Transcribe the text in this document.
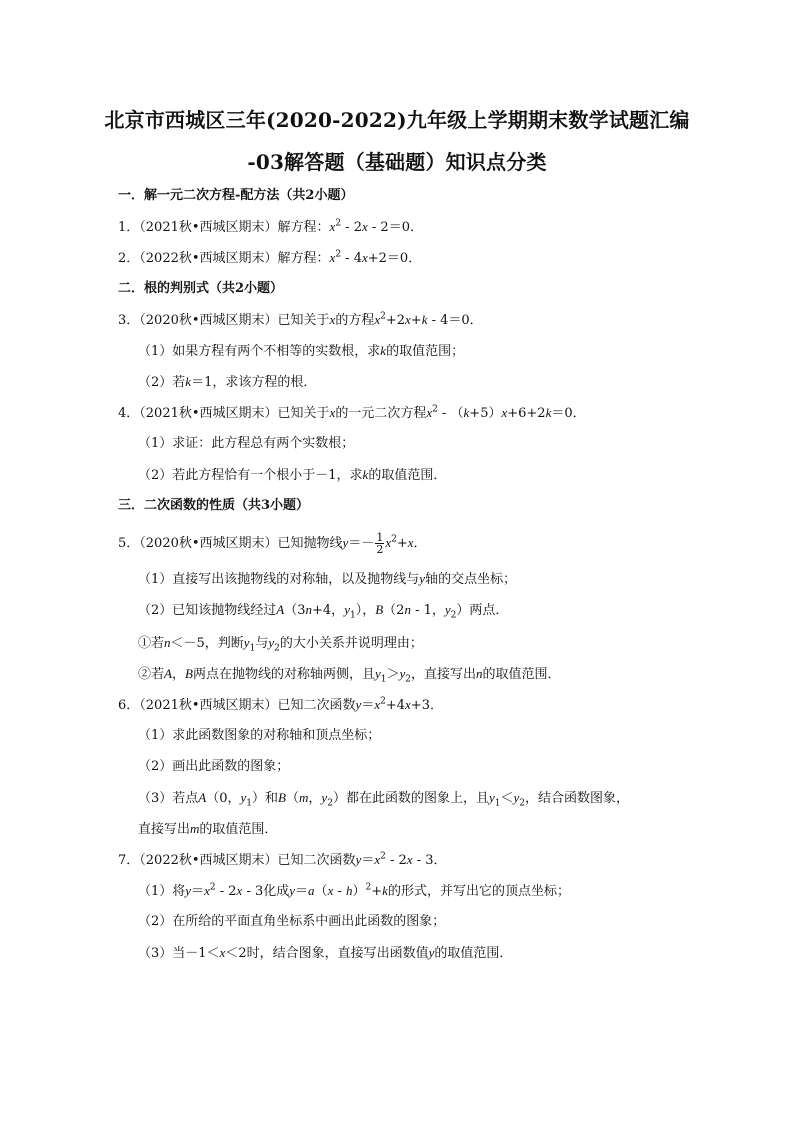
北京市西城区三年(2020-2022)九年级上学期期末数学试题汇编
-03解答题（基础题）知识点分类
一．解一元二次方程-配方法（共2小题）
1．（2021秋•西城区期末）解方程：$x^2 - 2x - 2=0$．
2．（2022秋•西城区期末）解方程：$x^2 - 4x+2=0$．
二．根的判别式（共2小题）
3．（2020秋•西城区期末）已知关于x的方程$x^2+2x+k - 4=0$．
（1）如果方程有两个不相等的实数根，求k的取值范围；
（2）若k＝1，求该方程的根．
4．（2021秋•西城区期末）已知关于x的一元二次方程$x^2 - (k+5)x+6+2k=0$．
（1）求证：此方程总有两个实数根；
（2）若此方程恰有一个根小于－1，求k的取值范围．
三．二次函数的性质（共3小题）
5．（2020秋•西城区期末）已知抛物线$y=- \frac{1}{2} x^2+x$．
（1）直接写出该抛物线的对称轴，以及抛物线与y轴的交点坐标；
（2）已知该抛物线经过A（3n+4，$y_1$），B（2n - 1，$y_2$）两点．
①若n＜－5，判断$y_1$与$y_2$的大小关系并说明理由；
②若A，B两点在抛物线的对称轴两侧，且$y_1>y_2$，直接写出n的取值范围．
6．（2021秋•西城区期末）已知二次函数$y=x^2+4x+3$．
（1）求此函数图象的对称轴和顶点坐标；
（2）画出此函数的图象；
（3）若点A（0，$y_1$）和B（m，$y_2$）都在此函数的图象上，且$y_1<y_2$，结合函数图象，
直接写出m的取值范围．
7．（2022秋•西城区期末）已知二次函数$y=x^2 - 2x - 3$．
（1）将$y=x^2 - 2x - 3$化成y＝a（x - h）$^2$+k的形式，并写出它的顶点坐标；
（2）在所给的平面直角坐标系中画出此函数的图象；
（3）当－1＜x＜2时，结合图象，直接写出函数值y的取值范围．
